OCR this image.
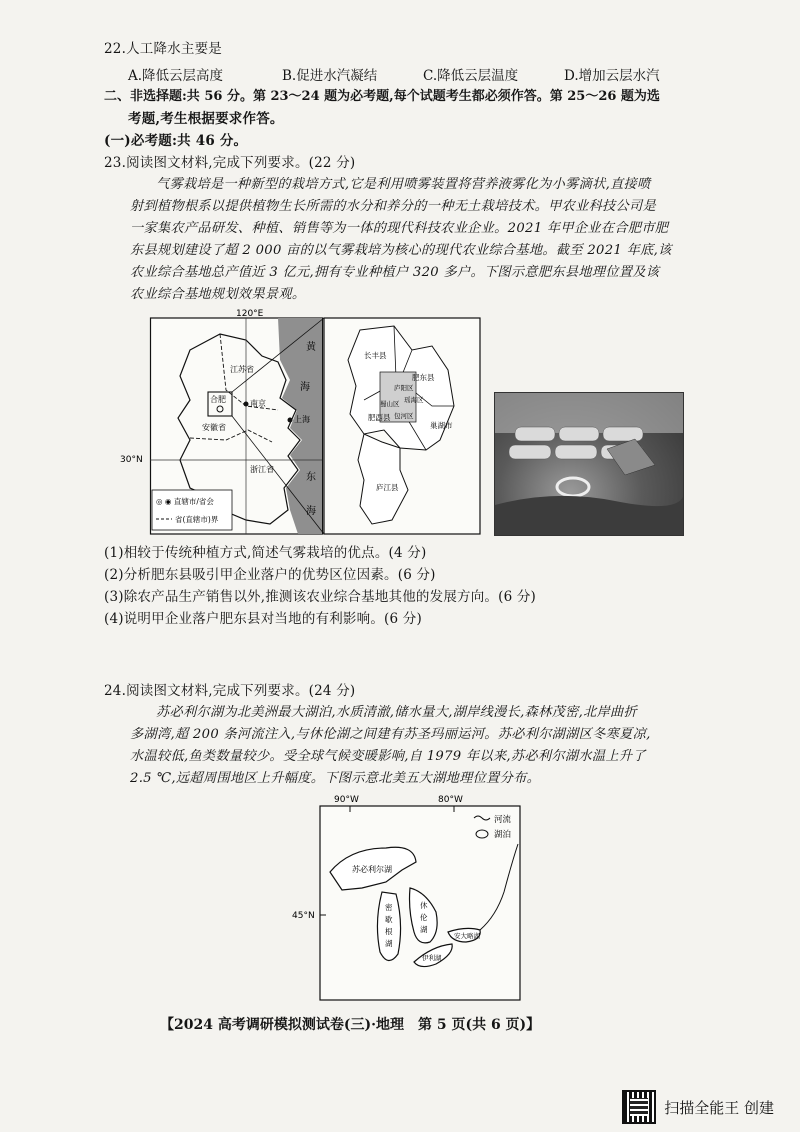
22.人工降水主要是
A.降低云层高度	B.促进水汽凝结	C.降低云层温度	D.增加云层水汽
二、非选择题:共 56 分。第 23～24 题为必考题,每个试题考生都必须作答。第 25～26 题为选
考题,考生根据要求作答。
(一)必考题:共 46 分。
23.阅读图文材料,完成下列要求。(22 分)
气雾栽培是一种新型的栽培方式,它是利用喷雾装置将营养液雾化为小雾滴状,直接喷
射到植物根系以提供植物生长所需的水分和养分的一种无土栽培技术。甲农业科技公司是
一家集农产品研发、种植、销售等为一体的现代科技农业企业。2021 年甲企业在合肥市肥
东县规划建设了超 2 000 亩的以气雾栽培为核心的现代农业综合基地。截至 2021 年底,该
农业综合基地总产值近 3 亿元,拥有专业种植户 320 多户。下图示意肥东县地理位置及该
农业综合基地规划效果景观。
120°E
30°N
合肥	南京
上海
江苏省
安徽省
浙江省
黄
海
东
海
◎ ◉ 直辖市/省会
省(直辖市)界
长丰县
肥东县
庐阳区
瑶海区
蜀山区
包河区
肥西县
巢湖市
庐江县
(1)相较于传统种植方式,简述气雾栽培的优点。(4 分)
(2)分析肥东县吸引甲企业落户的优势区位因素。(6 分)
(3)除农产品生产销售以外,推测该农业综合基地其他的发展方向。(6 分)
(4)说明甲企业落户肥东县对当地的有利影响。(6 分)
24.阅读图文材料,完成下列要求。(24 分)
苏必利尔湖为北美洲最大湖泊,水质清澈,储水量大,湖岸线漫长,森林茂密,北岸曲折
多湖湾,超 200 条河流注入,与休伦湖之间建有苏圣玛丽运河。苏必利尔湖湖区冬寒夏凉,
水温较低,鱼类数量较少。受全球气候变暖影响,自 1979 年以来,苏必利尔湖水温上升了
2.5 ℃,远超周围地区上升幅度。下图示意北美五大湖地理位置分布。
90°W	80°W
45°N
河流
湖泊
苏必利尔湖
密
歇
根
湖
休
伦
湖
安大略湖
伊利湖
【2024 高考调研模拟测试卷(三)·地理　第 5 页(共 6 页)】
扫描全能王 创建
